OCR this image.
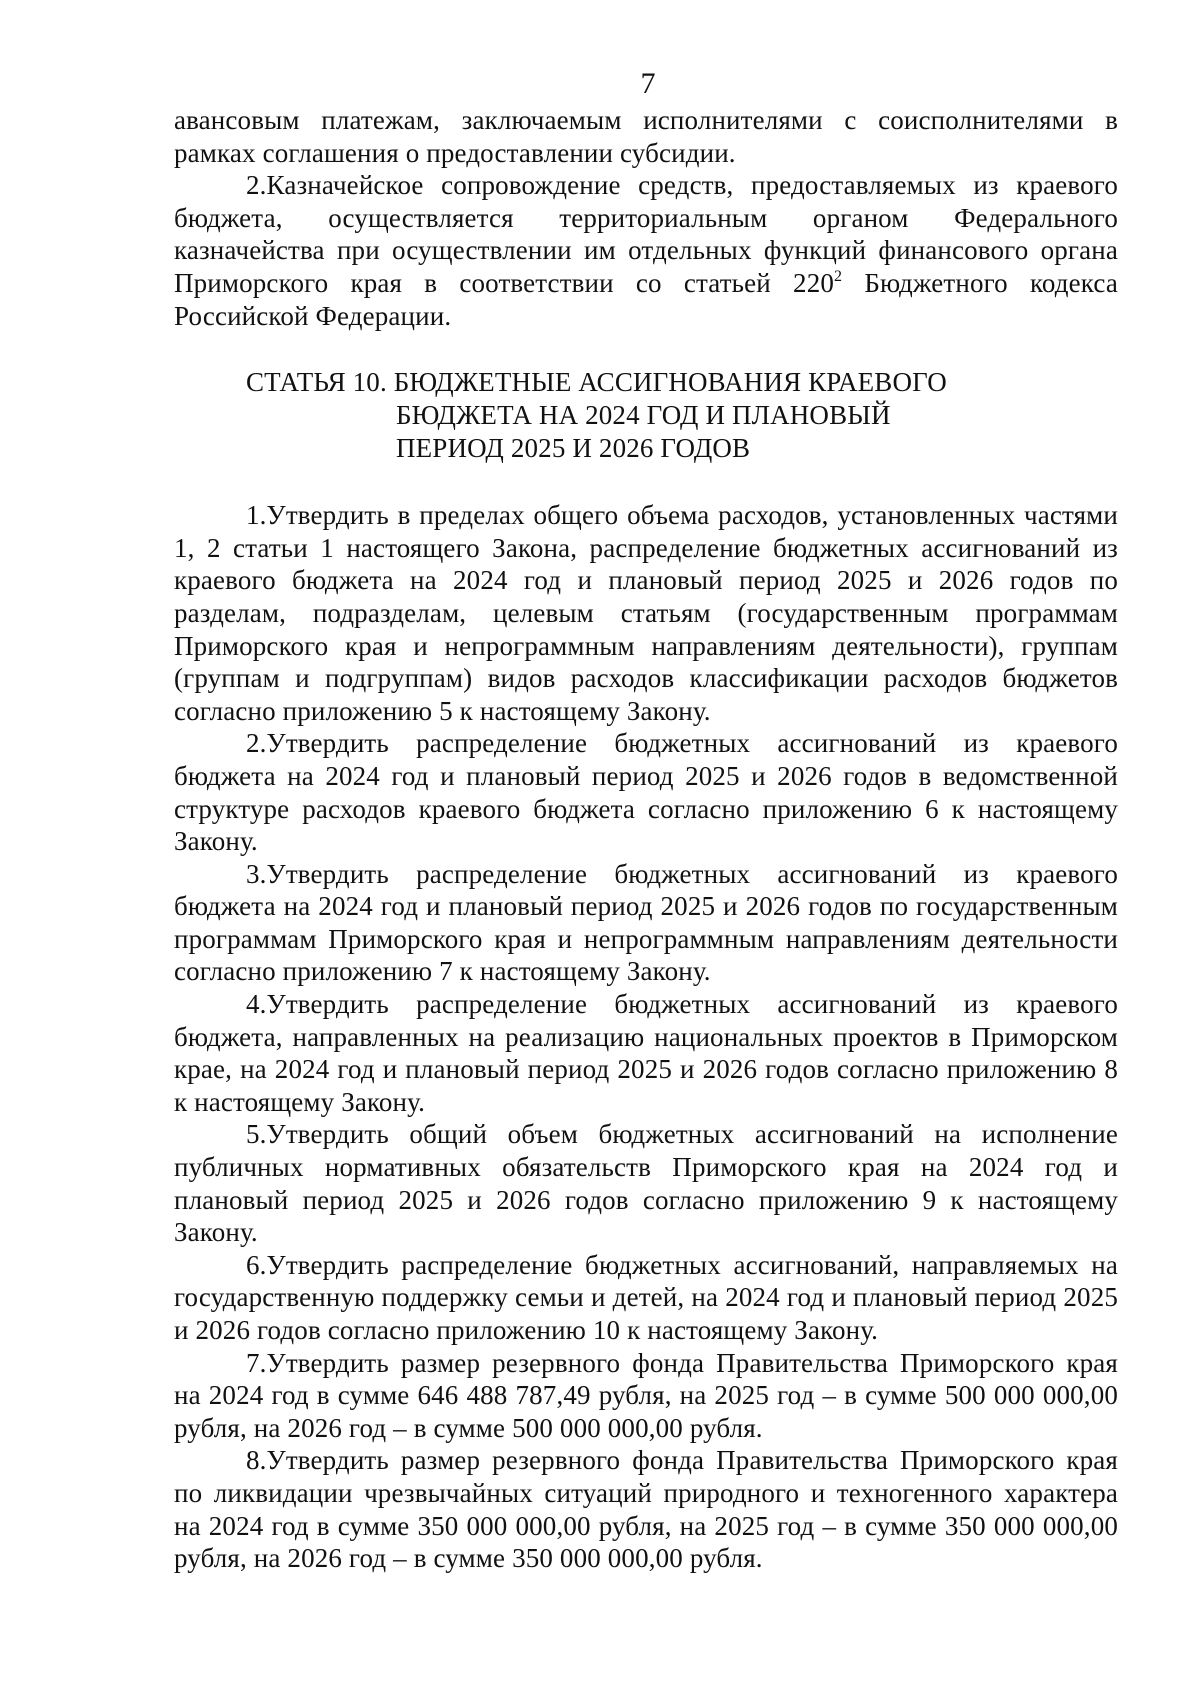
7

авансовым платежам, заключаемым исполнителями с соисполнителями в рамках соглашения о предоставлении субсидии.

2.Казначейское сопровождение средств, предоставляемых из краевого бюджета, осуществляется территориальным органом Федерального казначейства при осуществлении им отдельных функций финансового органа Приморского края в соответствии со статьей $220^2$ Бюджетного кодекса Российской Федерации.

СТАТЬЯ 10. БЮДЖЕТНЫЕ АССИГНОВАНИЯ КРАЕВОГО
БЮДЖЕТА НА 2024 ГОД И ПЛАНОВЫЙ
ПЕРИОД 2025 И 2026 ГОДОВ

1.Утвердить в пределах общего объема расходов, установленных частями 1, 2 статьи 1 настоящего Закона, распределение бюджетных ассигнований из краевого бюджета на 2024 год и плановый период 2025 и 2026 годов по разделам, подразделам, целевым статьям (государственным программам Приморского края и непрограммным направлениям деятельности), группам (группам и подгруппам) видов расходов классификации расходов бюджетов согласно приложению 5 к настоящему Закону.

2.Утвердить распределение бюджетных ассигнований из краевого бюджета на 2024 год и плановый период 2025 и 2026 годов в ведомственной структуре расходов краевого бюджета согласно приложению 6 к настоящему Закону.

3.Утвердить распределение бюджетных ассигнований из краевого бюджета на 2024 год и плановый период 2025 и 2026 годов по государственным программам Приморского края и непрограммным направлениям деятельности согласно приложению 7 к настоящему Закону.

4.Утвердить распределение бюджетных ассигнований из краевого бюджета, направленных на реализацию национальных проектов в Приморском крае, на 2024 год и плановый период 2025 и 2026 годов согласно приложению 8 к настоящему Закону.

5.Утвердить общий объем бюджетных ассигнований на исполнение публичных нормативных обязательств Приморского края на 2024 год и плановый период 2025 и 2026 годов согласно приложению 9 к настоящему Закону.

6.Утвердить распределение бюджетных ассигнований, направляемых на государственную поддержку семьи и детей, на 2024 год и плановый период 2025 и 2026 годов согласно приложению 10 к настоящему Закону.

7.Утвердить размер резервного фонда Правительства Приморского края на 2024 год в сумме 646 488 787,49 рубля, на 2025 год – в сумме 500 000 000,00 рубля, на 2026 год – в сумме 500 000 000,00 рубля.

8.Утвердить размер резервного фонда Правительства Приморского края по ликвидации чрезвычайных ситуаций природного и техногенного характера на 2024 год в сумме 350 000 000,00 рубля, на 2025 год – в сумме 350 000 000,00 рубля, на 2026 год – в сумме 350 000 000,00 рубля.
